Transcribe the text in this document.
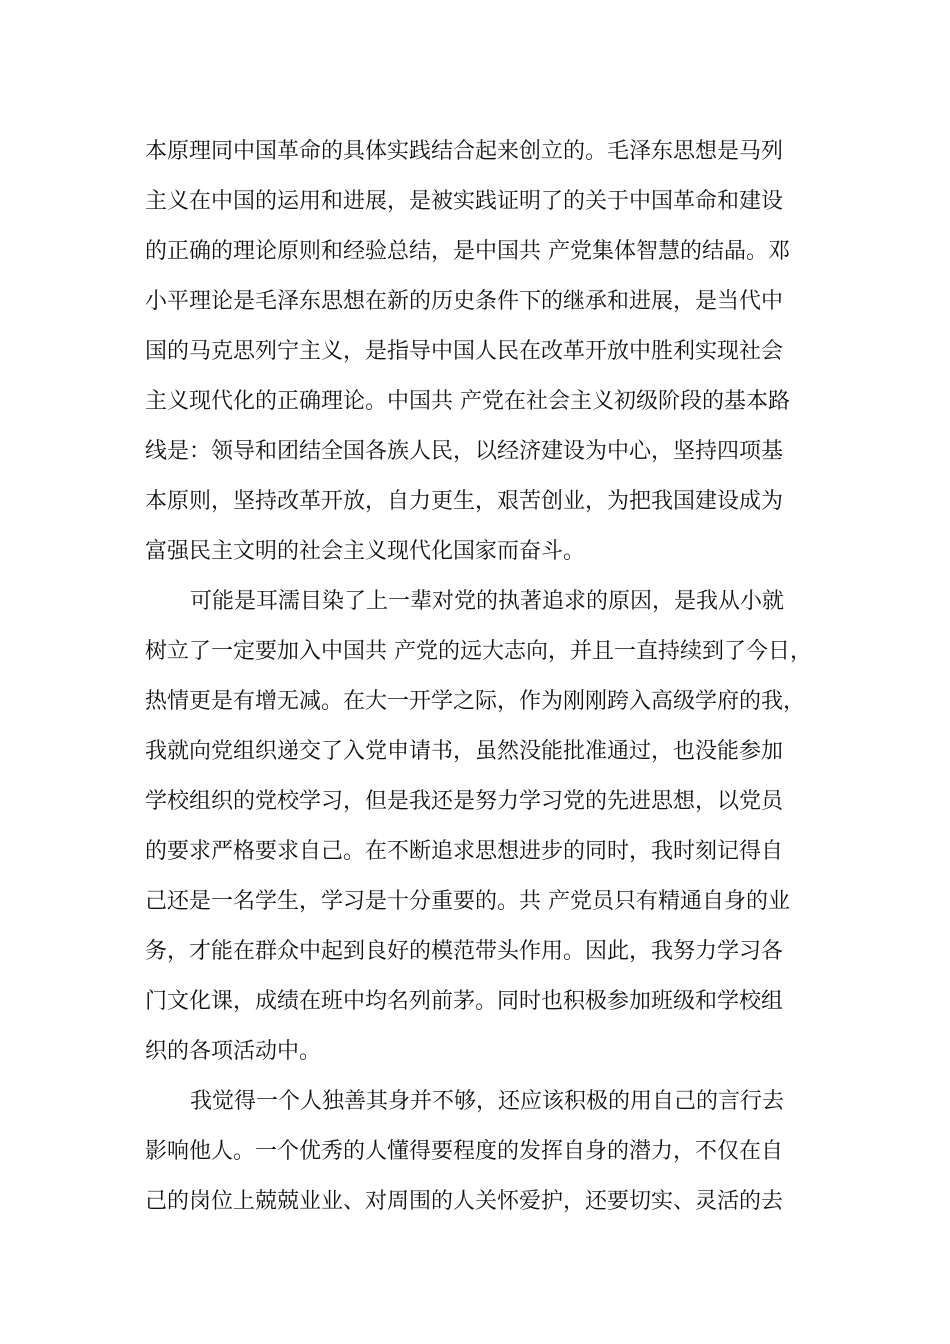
本原理同中国革命的具体实践结合起来创立的。毛泽东思想是马列
主义在中国的运用和进展，是被实践证明了的关于中国革命和建设
的正确的理论原则和经验总结，是中国共 产党集体智慧的结晶。邓
小平理论是毛泽东思想在新的历史条件下的继承和进展，是当代中
国的马克思列宁主义，是指导中国人民在改革开放中胜利实现社会
主义现代化的正确理论。中国共 产党在社会主义初级阶段的基本路
线是：领导和团结全国各族人民，以经济建设为中心，坚持四项基
本原则，坚持改革开放，自力更生，艰苦创业，为把我国建设成为
富强民主文明的社会主义现代化国家而奋斗。
可能是耳濡目染了上一辈对党的执著追求的原因，是我从小就
树立了一定要加入中国共 产党的远大志向，并且一直持续到了今日，
热情更是有增无减。在大一开学之际，作为刚刚跨入高级学府的我，
我就向党组织递交了入党申请书，虽然没能批准通过，也没能参加
学校组织的党校学习，但是我还是努力学习党的先进思想，以党员
的要求严格要求自己。在不断追求思想进步的同时，我时刻记得自
己还是一名学生，学习是十分重要的。共 产党员只有精通自身的业
务，才能在群众中起到良好的模范带头作用。因此，我努力学习各
门文化课，成绩在班中均名列前茅。同时也积极参加班级和学校组
织的各项活动中。
我觉得一个人独善其身并不够，还应该积极的用自己的言行去
影响他人。一个优秀的人懂得要程度的发挥自身的潜力，不仅在自
己的岗位上兢兢业业、对周围的人关怀爱护，还要切实、灵活的去
